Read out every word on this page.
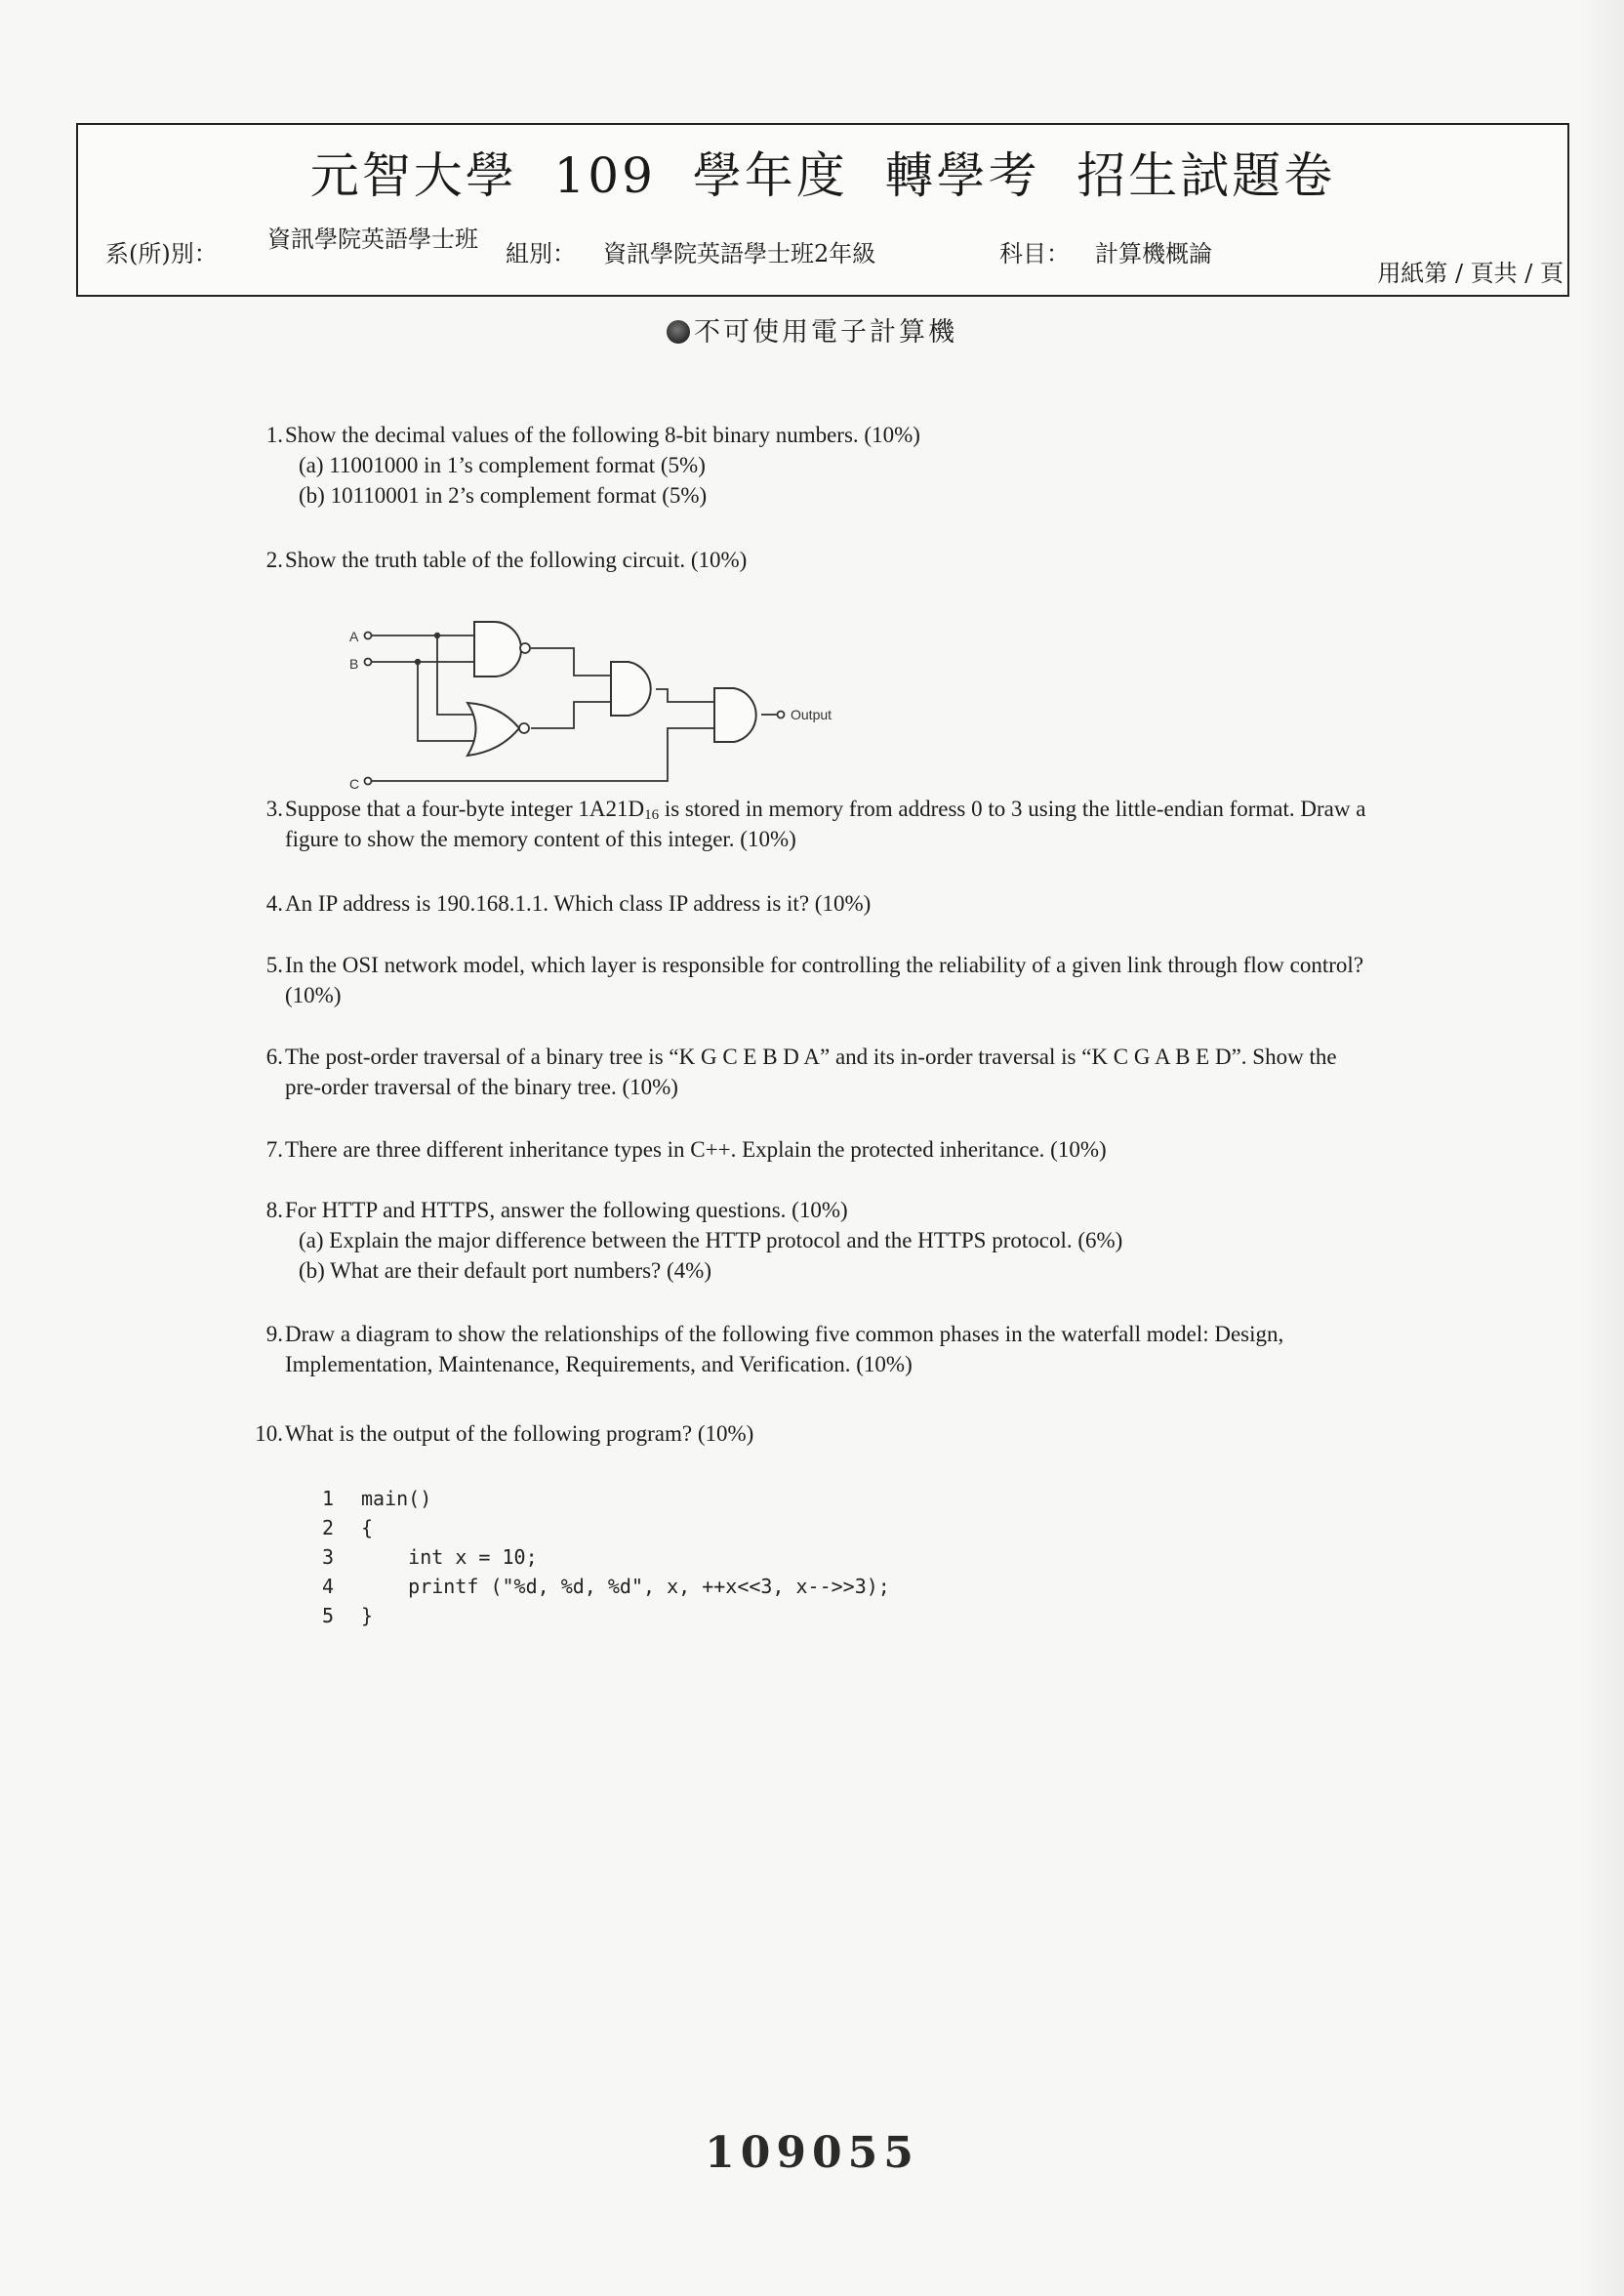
元智大學  109  學年度  轉學考  招生試題卷
系(所)別：
資訊學院英語學士班
組別： 資訊學院英語學士班2年級	科目： 計算機概論
用紙第 / 頁共 / 頁
不可使用電子計算機
1. Show the decimal values of the following 8-bit binary numbers. (10%)
(a) 11001000 in 1’s complement format (5%)
(b) 10110001 in 2’s complement format (5%)
2. Show the truth table of the following circuit. (10%)
A
B
C
Output
3. Suppose that a four-byte integer $1A21D_{16}$ is stored in memory from address 0 to 3 using the little-endian format. Draw a figure to show the memory content of this integer. (10%)
4. An IP address is 190.168.1.1. Which class IP address is it? (10%)
5. In the OSI network model, which layer is responsible for controlling the reliability of a given link through flow control? (10%)
6. The post-order traversal of a binary tree is “K G C E B D A” and its in-order traversal is “K C G A B E D”. Show the pre-order traversal of the binary tree. (10%)
7. There are three different inheritance types in C++. Explain the protected inheritance. (10%)
8. For HTTP and HTTPS, answer the following questions. (10%)
(a) Explain the major difference between the HTTP protocol and the HTTPS protocol. (6%)
(b) What are their default port numbers? (4%)
9. Draw a diagram to show the relationships of the following five common phases in the waterfall model: Design, Implementation, Maintenance, Requirements, and Verification. (10%)
10. What is the output of the following program? (10%)
1 main()
2 {
3    int x = 10;
4    printf ("%d, %d, %d", x, ++x<<3, x-->>3);
5 }
109055
